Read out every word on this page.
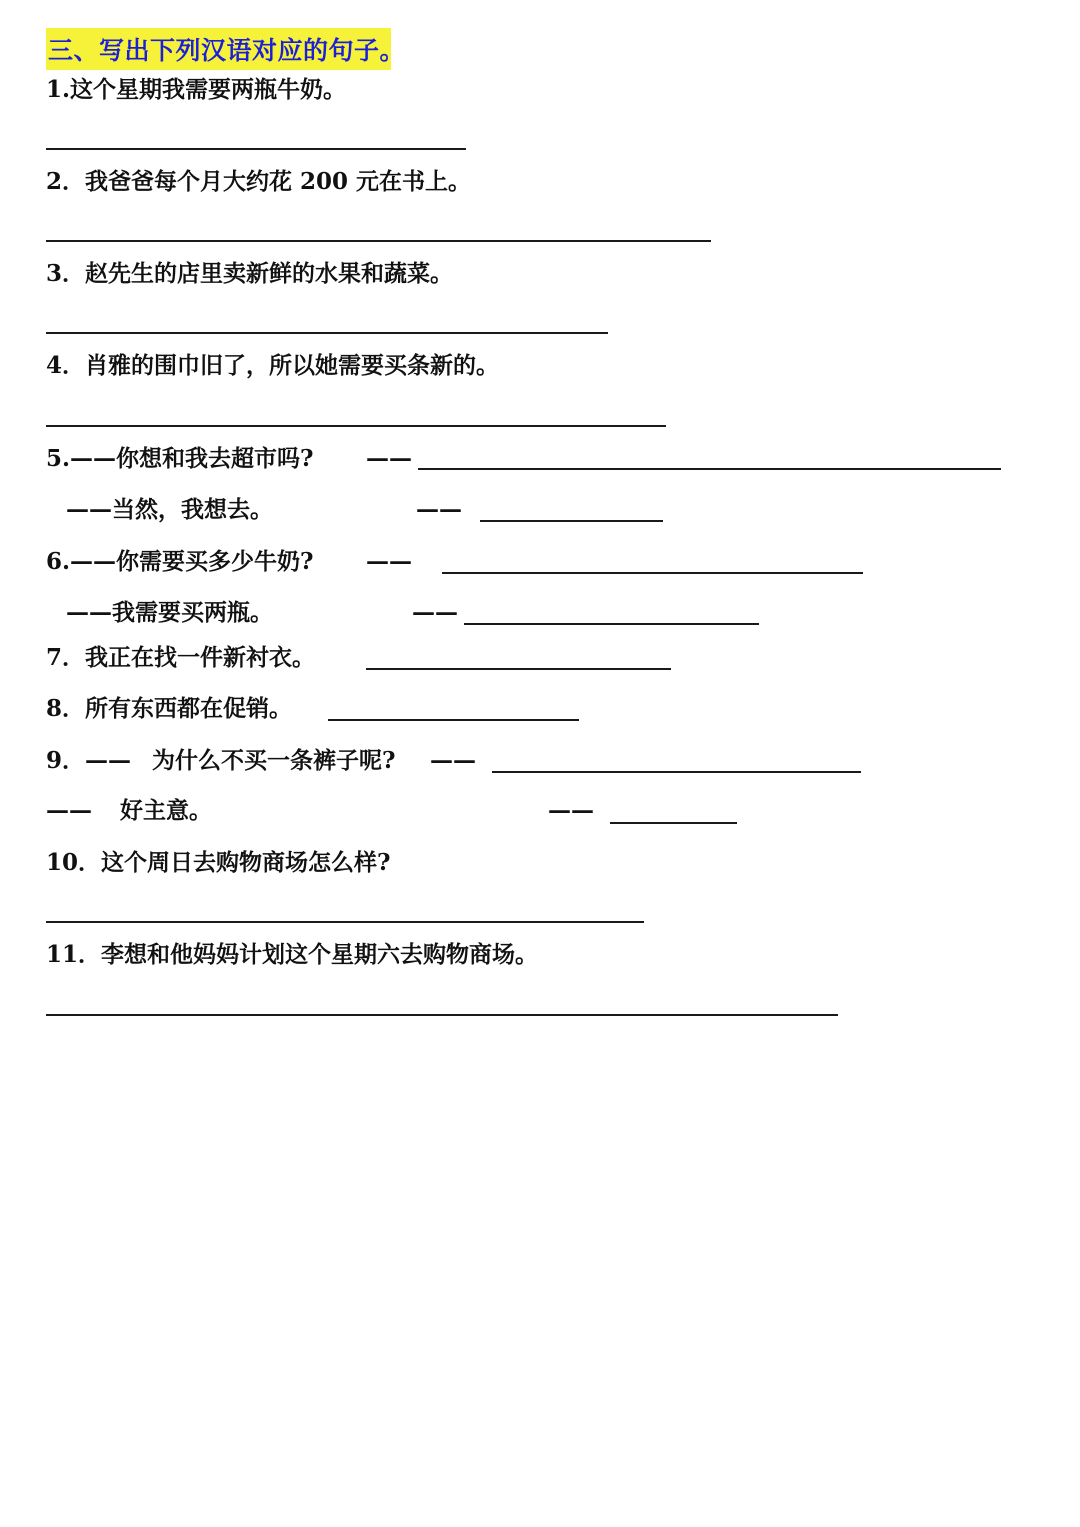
三、写出下列汉语对应的句子。
1.这个星期我需要两瓶牛奶。
2．我爸爸每个月大约花 200 元在书上。
3．赵先生的店里卖新鲜的水果和蔬菜。
4．肖雅的围巾旧了，所以她需要买条新的。
5.——你想和我去超市吗? ——
——当然，我想去。	——
6.——你需要买多少牛奶? ——
——我需要买两瓶。	——
7．我正在找一件新衬衣。
8．所有东西都在促销。
9．—— 为什么不买一条裤子呢? ——
—— 好主意。	——
10．这个周日去购物商场怎么样?
11．李想和他妈妈计划这个星期六去购物商场。
